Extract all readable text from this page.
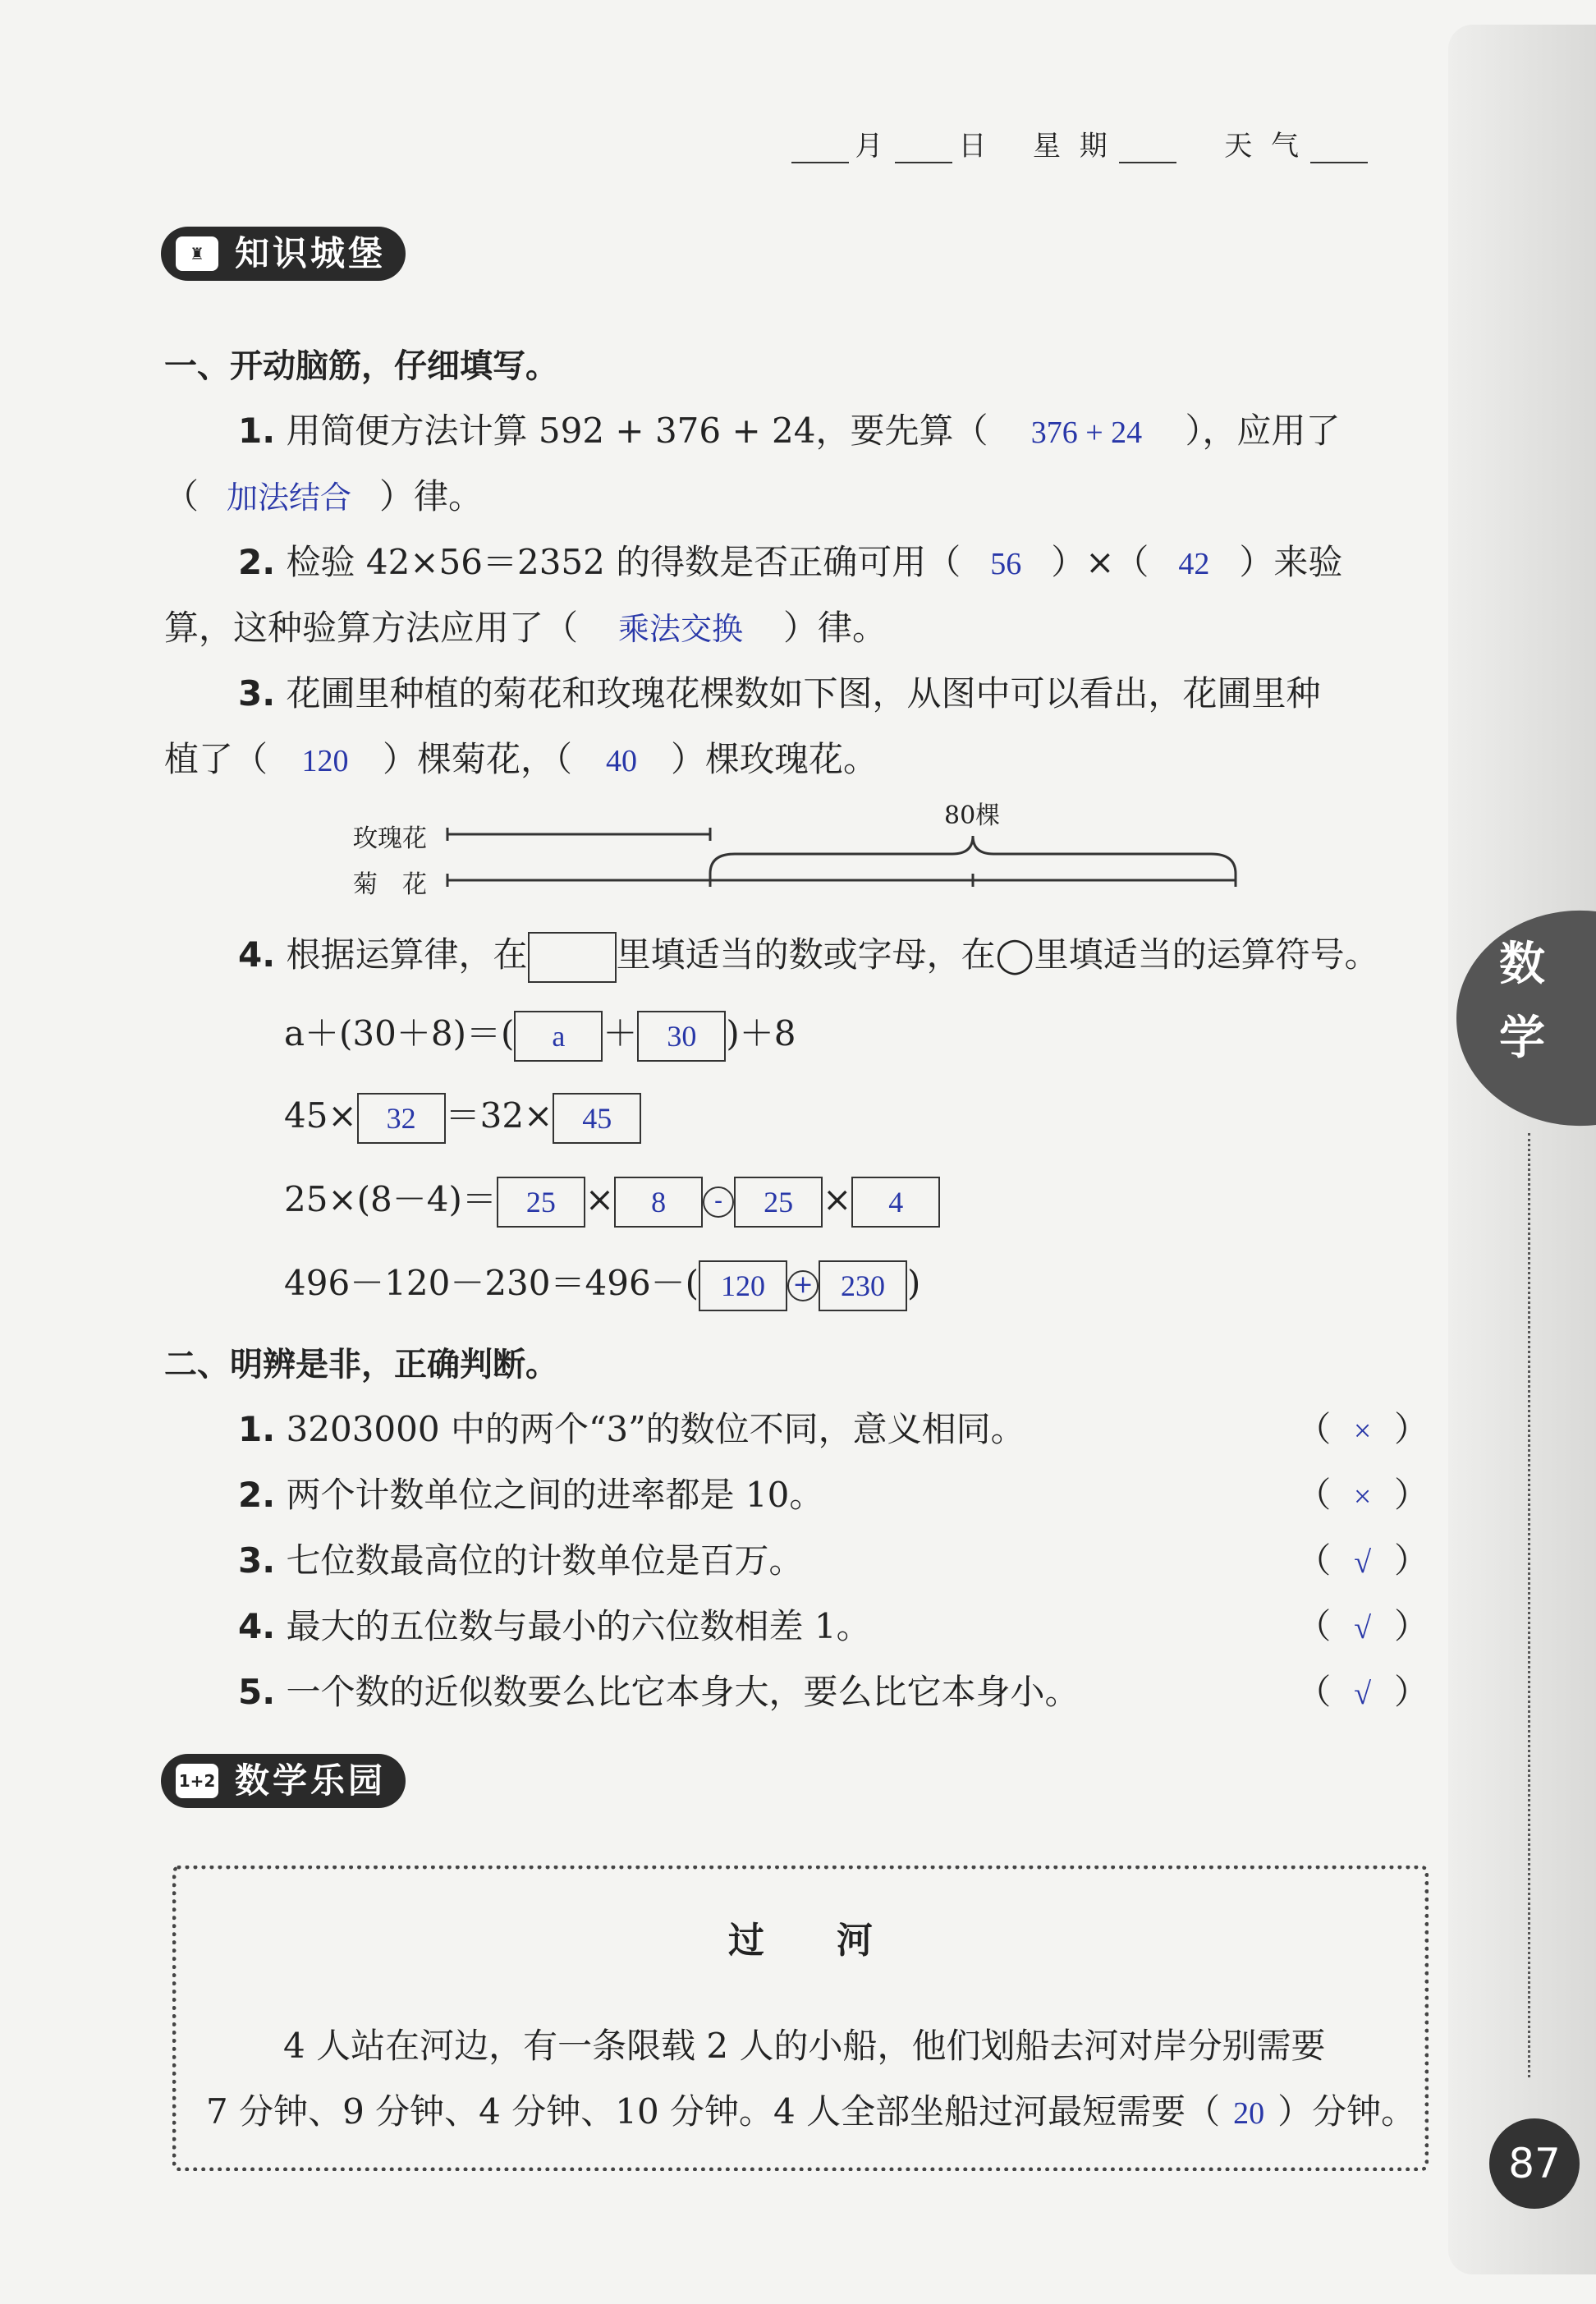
月	日 星 期	天 气
♜ 知识城堡
一、开动脑筋，仔细填写。
1. 用简便方法计算 592 + 376 + 24，要先算（ 376 + 24 ），应用了
（ 加法结合 ）律。
2. 检验 42×56＝2352 的得数是否正确可用（ 56 ）×（ 42 ）来验
算，这种验算方法应用了（ 乘法交换 ）律。
3. 花圃里种植的菊花和玫瑰花棵数如下图，从图中可以看出，花圃里种
植了（ 120 ）棵菊花，（ 40 ）棵玫瑰花。
玫瑰花
菊　花
80棵
4. 根据运算律，在	里填适当的数或字母，在◯里填适当的运算符号。
a＋(30＋8)＝( a ＋ 30 )＋8
45× 32 ＝32× 45
25×(8－4)＝ 25 × 8 - 25 × 4
496－120－230＝496－( 120 + 230 )
二、明辨是非，正确判断。
1. 3203000 中的两个“3”的数位不同，意义相同。	（ × ）
2. 两个计数单位之间的进率都是 10。	（ × ）
3. 七位数最高位的计数单位是百万。	（ √ ）
4. 最大的五位数与最小的六位数相差 1。	（ √ ）
5. 一个数的近似数要么比它本身大，要么比它本身小。	（ √ ）
1+2 数学乐园
过　　河
4 人站在河边，有一条限载 2 人的小船，他们划船去河对岸分别需要
7 分钟、9 分钟、4 分钟、10 分钟。4 人全部坐船过河最短需要（ 20 ）分钟。
数学
87
